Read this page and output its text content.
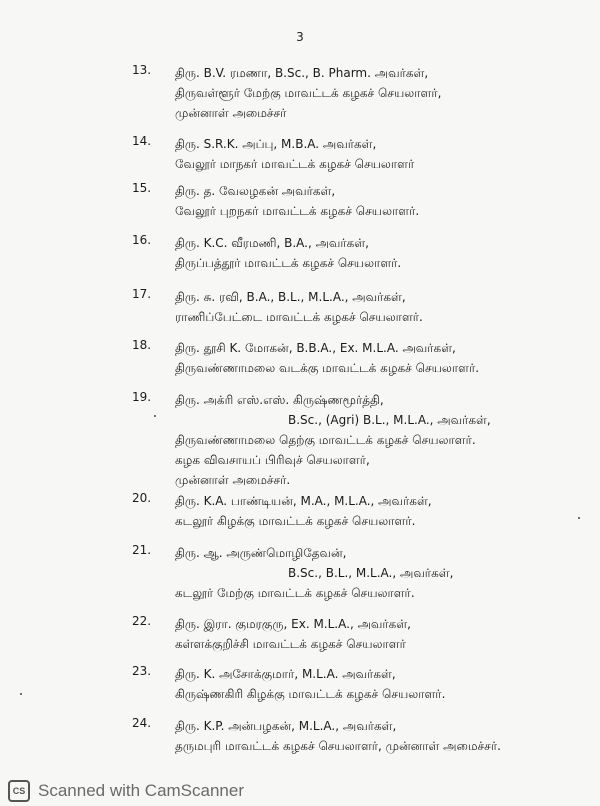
3
13.	திரு. B.V. ரமணா, B.Sc., B. Pharm. அவர்கள்,
திருவள்ளூர் மேற்கு மாவட்டக் கழகச் செயலாளர்,
முன்னாள் அமைச்சர்
14.	திரு. S.R.K. அப்பு, M.B.A. அவர்கள்,
வேலூர் மாநகர் மாவட்டக் கழகச் செயலாளர்
15.	திரு. த. வேலழகன் அவர்கள்,
வேலூர் புறநகர் மாவட்டக் கழகச் செயலாளர்.
16.	திரு. K.C. வீரமணி, B.A., அவர்கள்,
திருப்பத்தூர் மாவட்டக் கழகச் செயலாளர்.
17.	திரு. சு. ரவி, B.A., B.L., M.L.A., அவர்கள்,
ராணிப்பேட்டை மாவட்டக் கழகச் செயலாளர்.
18.	திரு. தூசி K. மோகன், B.B.A., Ex. M.L.A. அவர்கள்,
திருவண்ணாமலை வடக்கு மாவட்டக் கழகச் செயலாளர்.
19.	திரு. அக்ரி எஸ்.எஸ். கிருஷ்ணமூர்த்தி,
B.Sc., (Agri) B.L., M.L.A., அவர்கள்,
திருவண்ணாமலை தெற்கு மாவட்டக் கழகச் செயலாளர்.
கழக விவசாயப் பிரிவுச் செயலாளர்,
முன்னாள் அமைச்சர்.
20.	திரு. K.A. பாண்டியன், M.A., M.L.A., அவர்கள்,
கடலூர் கிழக்கு மாவட்டக் கழகச் செயலாளர்.
21.	திரு. ஆ. அருண்மொழிதேவன்,
B.Sc., B.L., M.L.A., அவர்கள்,
கடலூர் மேற்கு மாவட்டக் கழகச் செயலாளர்.
22.	திரு. இரா. குமரகுரு, Ex. M.L.A., அவர்கள்,
கள்ளக்குறிச்சி மாவட்டக் கழகச் செயலாளர்
23.	திரு. K. அசோக்குமார், M.L.A. அவர்கள்,
கிருஷ்ணகிரி கிழக்கு மாவட்டக் கழகச் செயலாளர்.
24.	திரு. K.P. அன்பழகன், M.L.A., அவர்கள்,
தருமபுரி மாவட்டக் கழகச் செயலாளர், முன்னாள் அமைச்சர்.
CS Scanned with CamScanner
